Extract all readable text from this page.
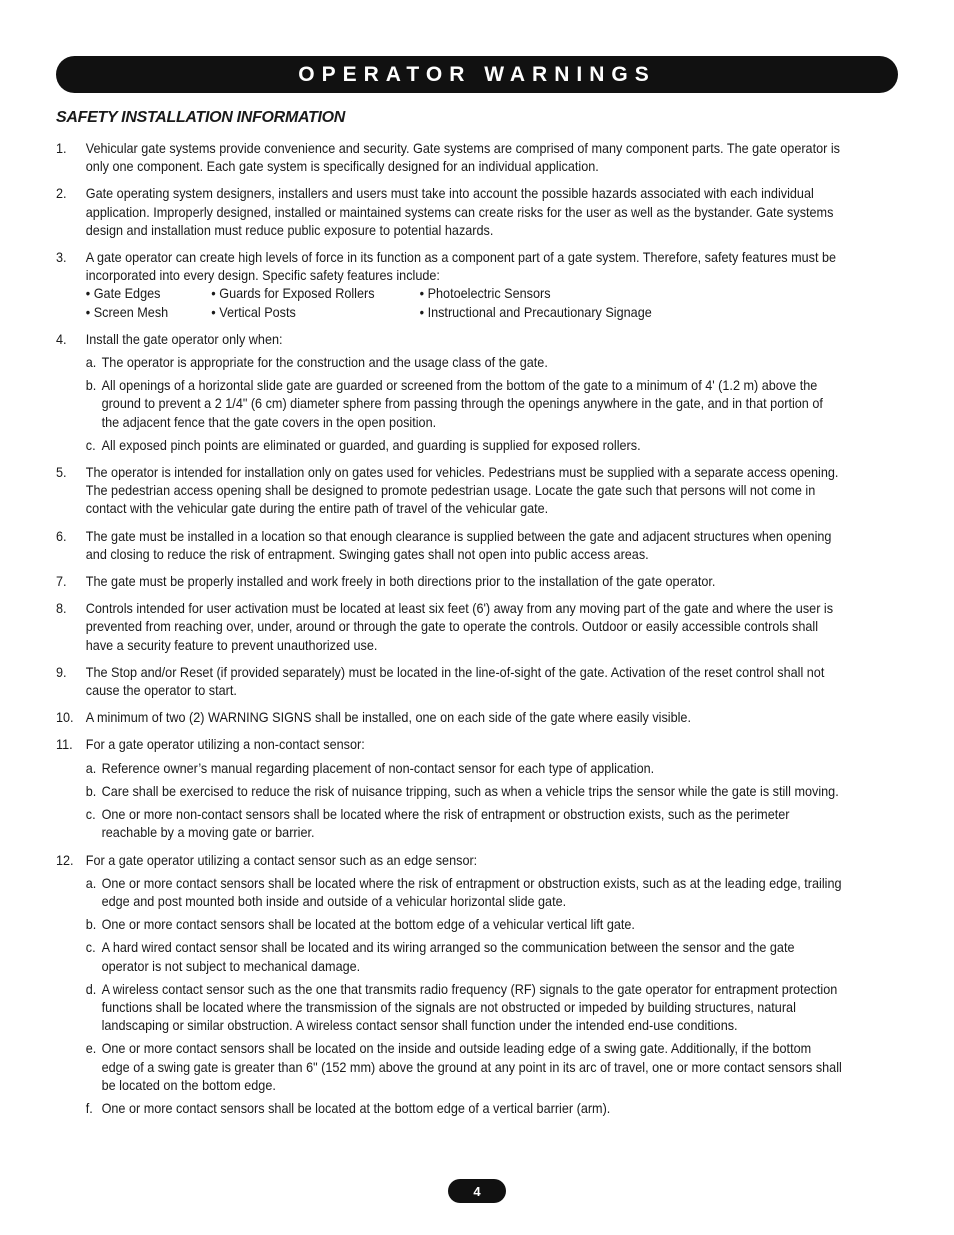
OPERATOR WARNINGS
SAFETY INSTALLATION INFORMATION
1.	Vehicular gate systems provide convenience and security. Gate systems are comprised of many component parts. The gate operator is only one component. Each gate system is specifically designed for an individual application.
2.	Gate operating system designers, installers and users must take into account the possible hazards associated with each individual application. Improperly designed, installed or maintained systems can create risks for the user as well as the bystander. Gate systems design and installation must reduce public exposure to potential hazards.
3.	A gate operator can create high levels of force in its function as a component part of a gate system. Therefore, safety features must be incorporated into every design. Specific safety features include:
• Gate Edges	• Guards for Exposed Rollers	• Photoelectric Sensors
• Screen Mesh	• Vertical Posts	• Instructional and Precautionary Signage
4.	Install the gate operator only when:
a. The operator is appropriate for the construction and the usage class of the gate.
b. All openings of a horizontal slide gate are guarded or screened from the bottom of the gate to a minimum of 4' (1.2 m) above the ground to prevent a 2 1/4" (6 cm) diameter sphere from passing through the openings anywhere in the gate, and in that portion of the adjacent fence that the gate covers in the open position.
c. All exposed pinch points are eliminated or guarded, and guarding is supplied for exposed rollers.
5.	The operator is intended for installation only on gates used for vehicles. Pedestrians must be supplied with a separate access opening. The pedestrian access opening shall be designed to promote pedestrian usage. Locate the gate such that persons will not come in contact with the vehicular gate during the entire path of travel of the vehicular gate.
6.	The gate must be installed in a location so that enough clearance is supplied between the gate and adjacent structures when opening and closing to reduce the risk of entrapment. Swinging gates shall not open into public access areas.
7.	The gate must be properly installed and work freely in both directions prior to the installation of the gate operator.
8.	Controls intended for user activation must be located at least six feet (6') away from any moving part of the gate and where the user is prevented from reaching over, under, around or through the gate to operate the controls. Outdoor or easily accessible controls shall have a security feature to prevent unauthorized use.
9.	The Stop and/or Reset (if provided separately) must be located in the line-of-sight of the gate. Activation of the reset control shall not cause the operator to start.
10. A minimum of two (2) WARNING SIGNS shall be installed, one on each side of the gate where easily visible.
11. For a gate operator utilizing a non-contact sensor:
a. Reference owner’s manual regarding placement of non-contact sensor for each type of application.
b. Care shall be exercised to reduce the risk of nuisance tripping, such as when a vehicle trips the sensor while the gate is still moving.
c. One or more non-contact sensors shall be located where the risk of entrapment or obstruction exists, such as the perimeter reachable by a moving gate or barrier.
12. For a gate operator utilizing a contact sensor such as an edge sensor:
a. One or more contact sensors shall be located where the risk of entrapment or obstruction exists, such as at the leading edge, trailing edge and post mounted both inside and outside of a vehicular horizontal slide gate.
b. One or more contact sensors shall be located at the bottom edge of a vehicular vertical lift gate.
c. A hard wired contact sensor shall be located and its wiring arranged so the communication between the sensor and the gate operator is not subject to mechanical damage.
d. A wireless contact sensor such as the one that transmits radio frequency (RF) signals to the gate operator for entrapment protection functions shall be located where the transmission of the signals are not obstructed or impeded by building structures, natural landscaping or similar obstruction. A wireless contact sensor shall function under the intended end-use conditions.
e. One or more contact sensors shall be located on the inside and outside leading edge of a swing gate. Additionally, if the bottom edge of a swing gate is greater than 6" (152 mm) above the ground at any point in its arc of travel, one or more contact sensors shall be located on the bottom edge.
f. One or more contact sensors shall be located at the bottom edge of a vertical barrier (arm).
4
